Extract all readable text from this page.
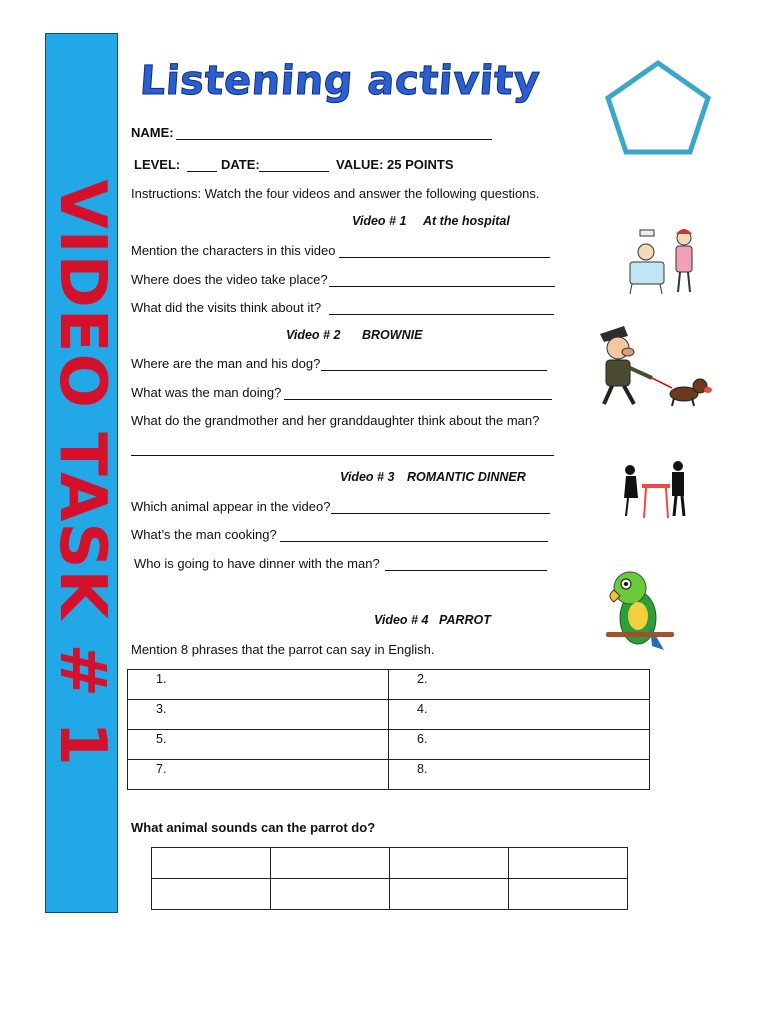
VIDEO TASK # 1
Listening activity
NAME:
LEVEL:	DATE:	VALUE: 25 POINTS
Instructions: Watch the four videos and answer the following questions.
Video # 1 At the hospital
Mention the characters in this video
Where does the video take place?
What did the visits think about it?
Video # 2 BROWNIE
Where are the man and his dog?
What was the man doing?
What do the grandmother and her granddaughter think about the man?
Video # 3 ROMANTIC DINNER
Which animal appear in the video?
What’s the man cooking?
Who is going to have dinner with the man?
Video # 4 PARROT
Mention 8 phrases that the parrot can say in English.
1.	2.
3.	4.
5.	6.
7.	8.
What animal sounds can the parrot do?
